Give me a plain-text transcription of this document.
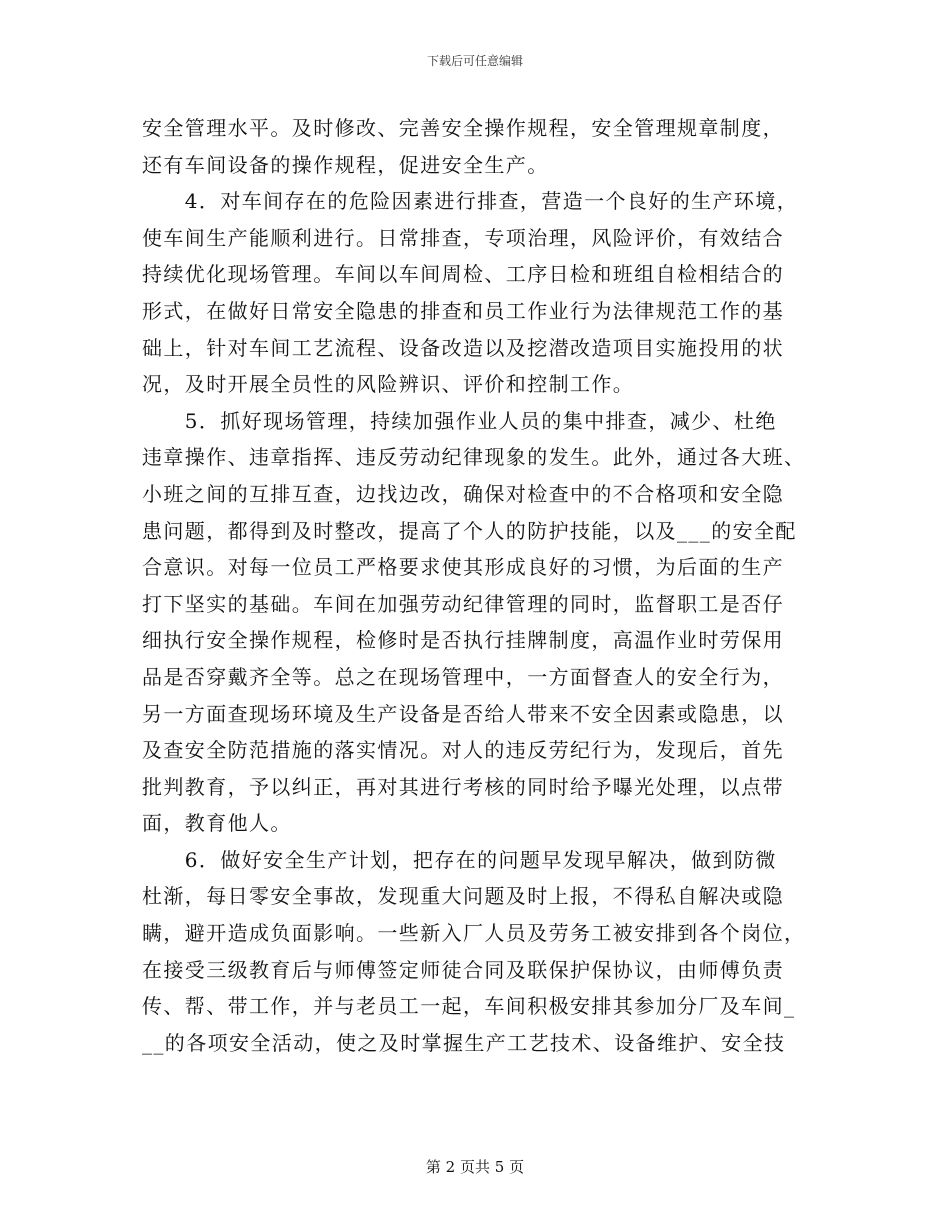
下载后可任意编辑
安全管理水平。及时修改、完善安全操作规程，安全管理规章制度，
还有车间设备的操作规程，促进安全生产。
　　4．对车间存在的危险因素进行排查，营造一个良好的生产环境，
使车间生产能顺利进行。日常排查，专项治理，风险评价，有效结合
持续优化现场管理。车间以车间周检、工序日检和班组自检相结合的
形式，在做好日常安全隐患的排查和员工作业行为法律规范工作的基
础上，针对车间工艺流程、设备改造以及挖潜改造项目实施投用的状
况，及时开展全员性的风险辨识、评价和控制工作。
　　5．抓好现场管理，持续加强作业人员的集中排查，减少、杜绝
违章操作、违章指挥、违反劳动纪律现象的发生。此外，通过各大班、
小班之间的互排互查，边找边改，确保对检查中的不合格项和安全隐
患问题，都得到及时整改，提高了个人的防护技能，以及___的安全配
合意识。对每一位员工严格要求使其形成良好的习惯，为后面的生产
打下坚实的基础。车间在加强劳动纪律管理的同时，监督职工是否仔
细执行安全操作规程，检修时是否执行挂牌制度，高温作业时劳保用
品是否穿戴齐全等。总之在现场管理中，一方面督查人的安全行为，
另一方面查现场环境及生产设备是否给人带来不安全因素或隐患，以
及查安全防范措施的落实情况。对人的违反劳纪行为，发现后，首先
批判教育，予以纠正，再对其进行考核的同时给予曝光处理，以点带
面，教育他人。
　　6．做好安全生产计划，把存在的问题早发现早解决，做到防微
杜渐，每日零安全事故，发现重大问题及时上报，不得私自解决或隐
瞒，避开造成负面影响。一些新入厂人员及劳务工被安排到各个岗位，
在接受三级教育后与师傅签定师徒合同及联保护保协议，由师傅负责
传、帮、带工作，并与老员工一起，车间积极安排其参加分厂及车间_
__的各项安全活动，使之及时掌握生产工艺技术、设备维护、安全技
第 2 页共 5 页
